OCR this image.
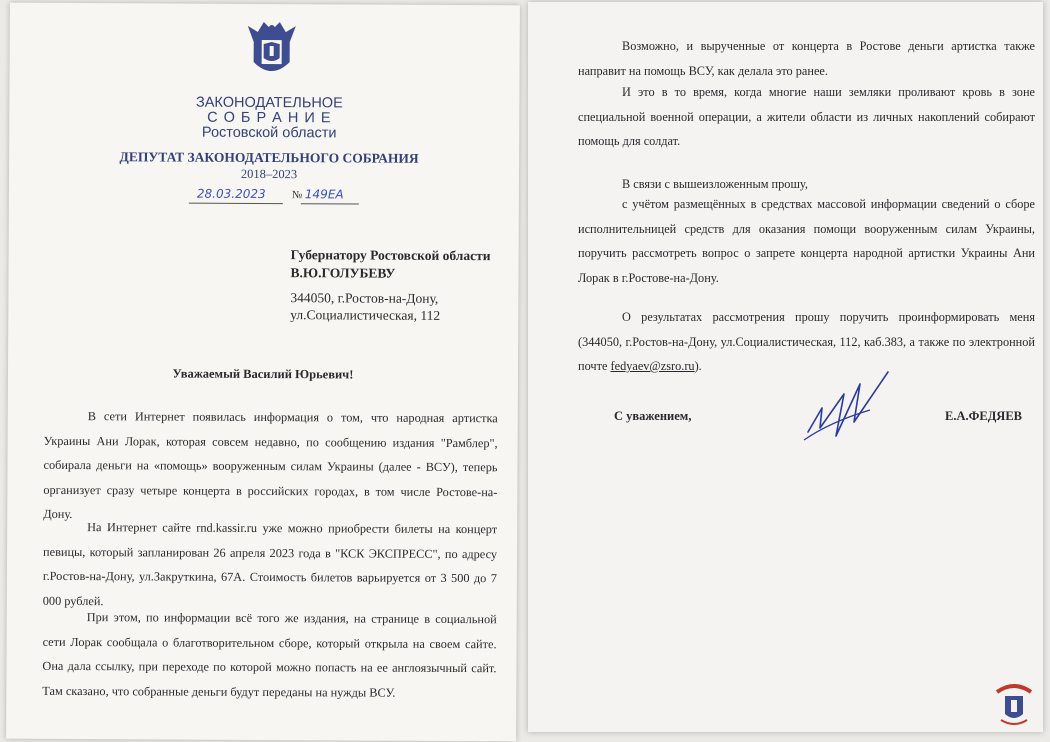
ЗАКОНОДАТЕЛЬНОЕ
С О Б Р А Н И Е
Ростовской области
ДЕПУТАТ ЗАКОНОДАТЕЛЬНОГО СОБРАНИЯ
2018–2023
28.03.2023 № 149ЕА
Губернатору Ростовской области
В.Ю.ГОЛУБЕВУ
344050, г.Ростов-на-Дону,
ул.Социалистическая, 112
Уважаемый Василий Юрьевич!

В сети Интернет появилась информация о том, что народная артистка Украины Ани Лорак, которая совсем недавно, по сообщению издания "Рамблер", собирала деньги на «помощь» вооруженным силам Украины (далее - ВСУ), теперь организует сразу четыре концерта в российских городах, в том числе Ростове-на-Дону.

На Интернет сайте rnd.kassir.ru уже можно приобрести билеты на концерт певицы, который запланирован 26 апреля 2023 года в "КСК ЭКСПРЕСС", по адресу г.Ростов-на-Дону, ул.Закруткина, 67А. Стоимость билетов варьируется от 3 500 до 7 000 рублей.

При этом, по информации всё того же издания, на странице в социальной сети Лорак сообщала о благотворительном сборе, который открыла на своем сайте. Она дала ссылку, при переходе по которой можно попасть на ее англоязычный сайт. Там сказано, что собранные деньги будут переданы на нужды ВСУ.

Возможно, и вырученные от концерта в Ростове деньги артистка также направит на помощь ВСУ, как делала это ранее.

И это в то время, когда многие наши земляки проливают кровь в зоне специальной военной операции, а жители области из личных накоплений собирают помощь для солдат.

В связи с вышеизложенным прошу,

с учётом размещённых в средствах массовой информации сведений о сборе исполнительницей средств для оказания помощи вооруженным силам Украины, поручить рассмотреть вопрос о запрете концерта народной артистки Украины Ани Лорак в г.Ростове-на-Дону.

О результатах рассмотрения прошу поручить проинформировать меня (344050, г.Ростов-на-Дону, ул.Социалистическая, 112, каб.383, а также по электронной почте fedyaev@zsro.ru).

С уважением,	Е.А.ФЕДЯЕВ
